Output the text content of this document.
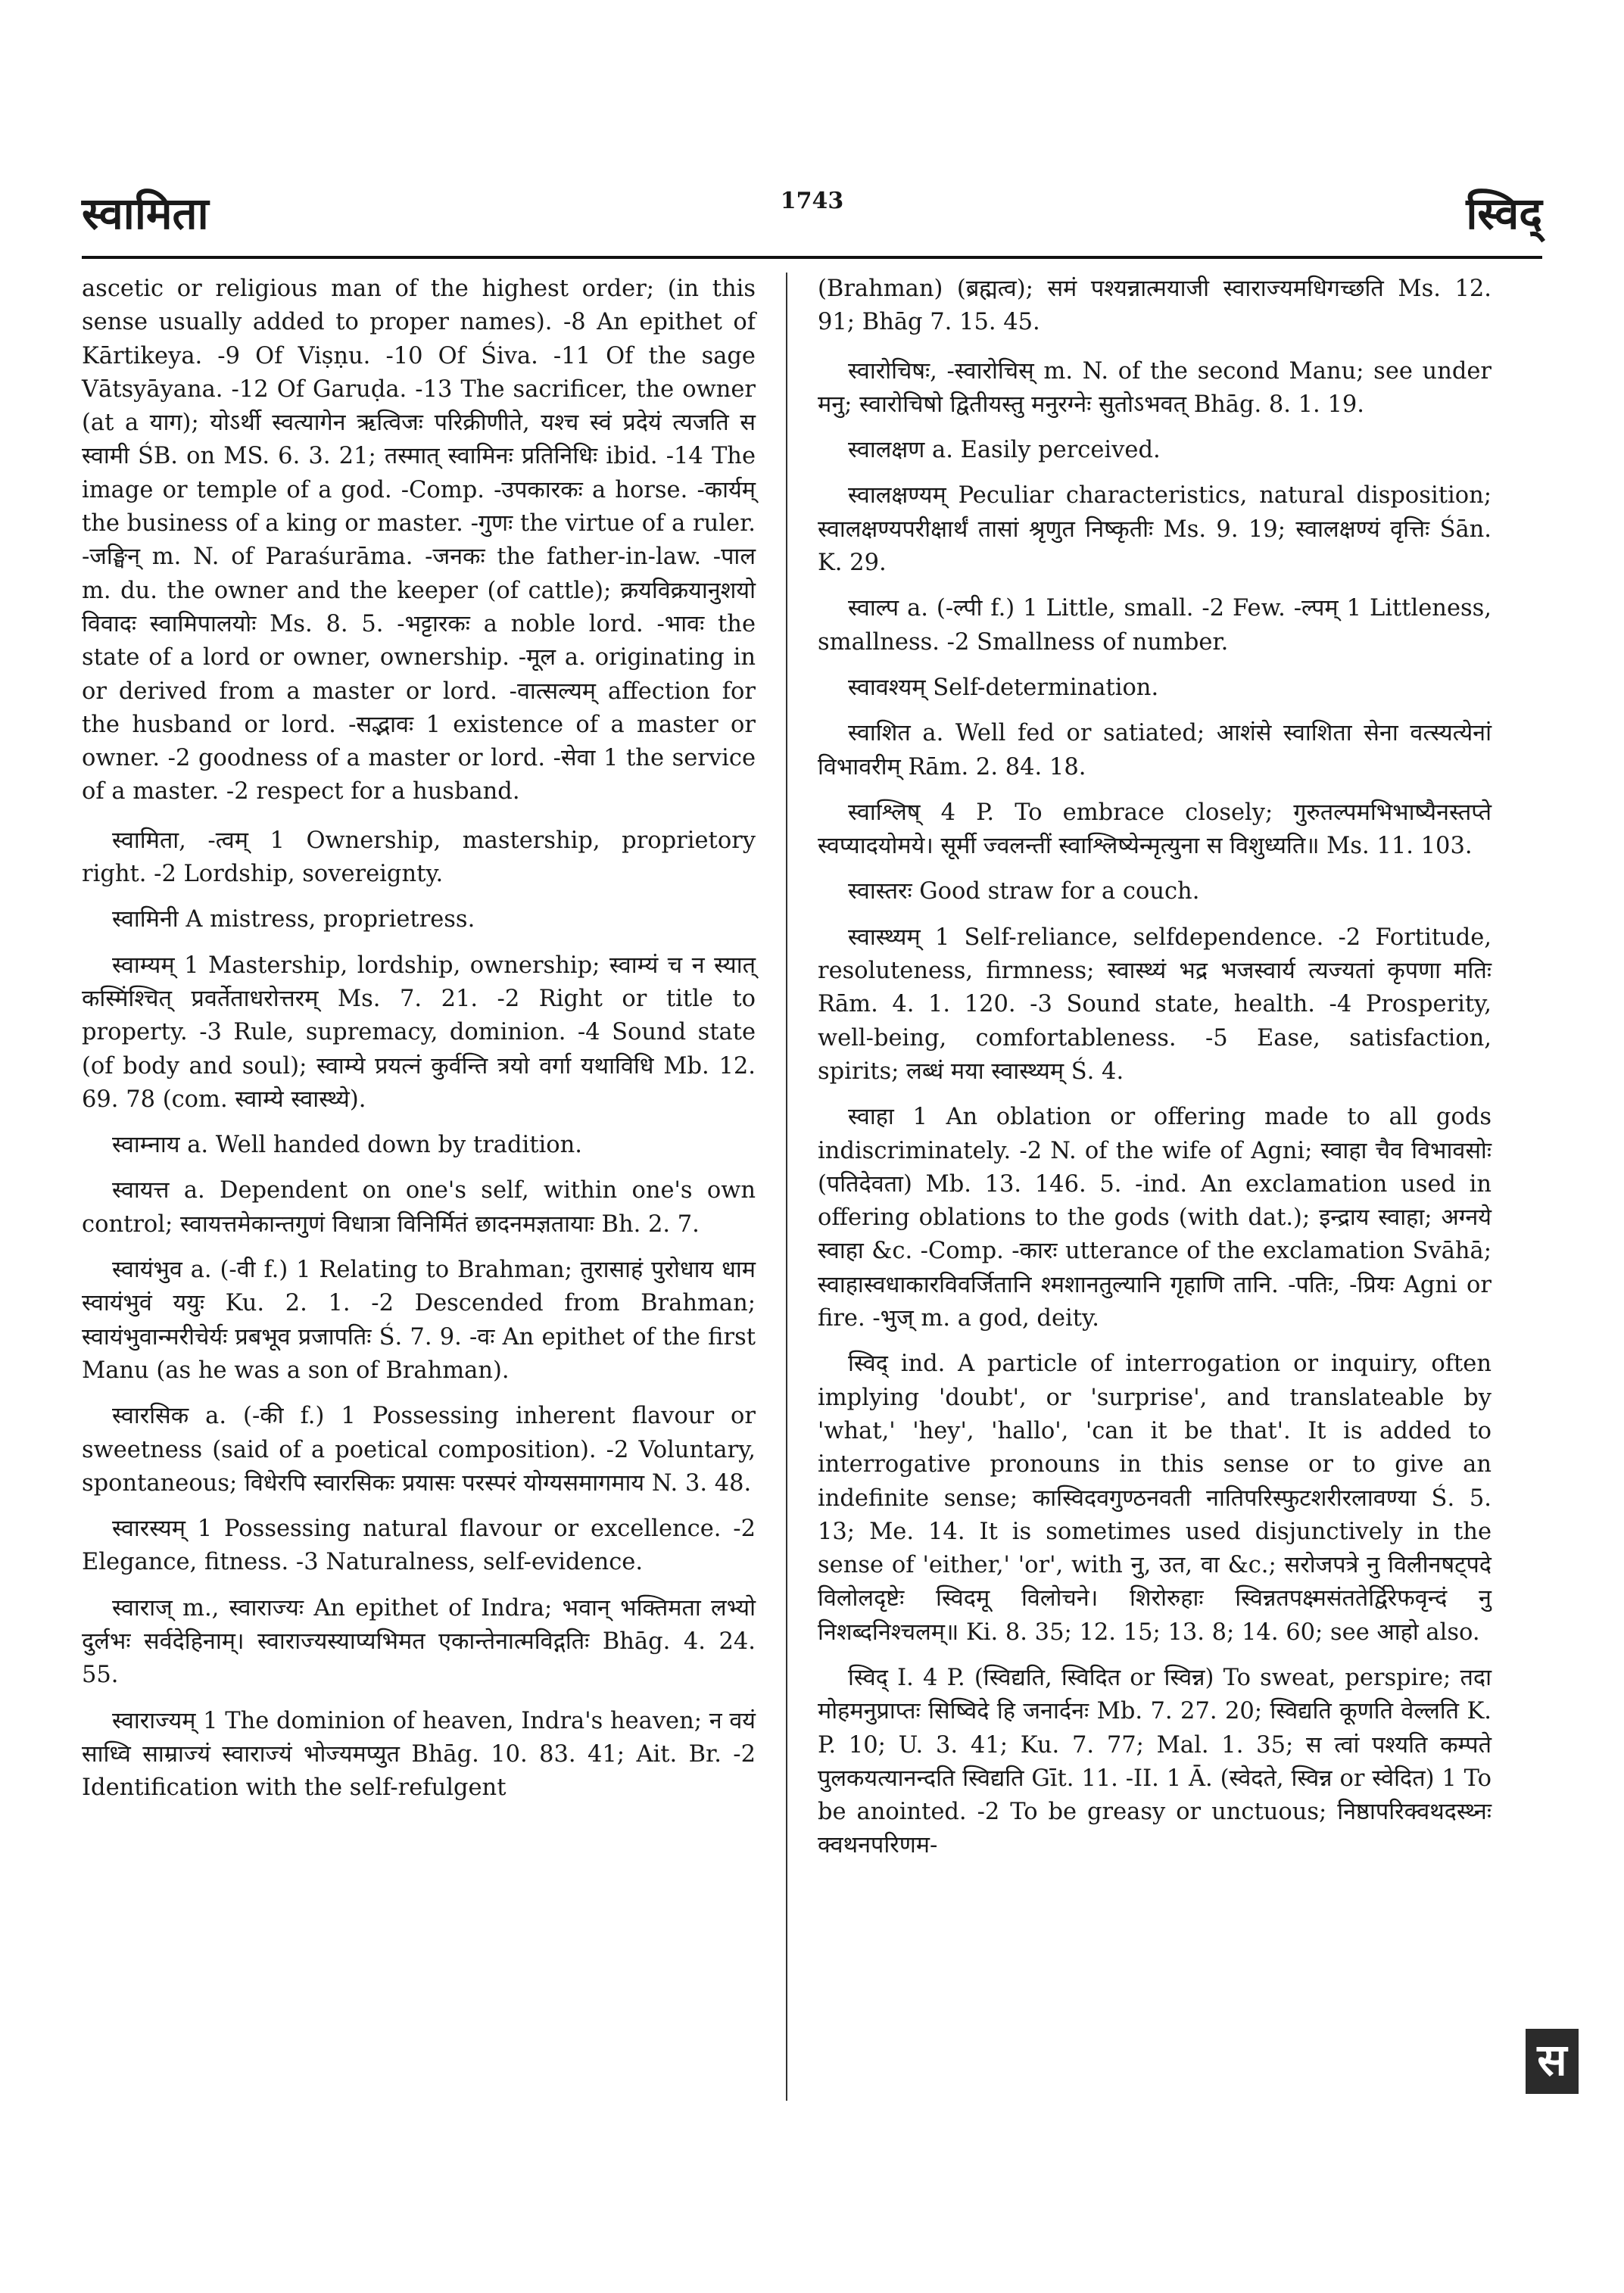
स्वामिता	1743	स्विद्

ascetic or religious man of the highest order; (in this sense usually added to proper names). -8 An epithet of Kārtikeya. -9 Of Viṣṇu. -10 Of Śiva. -11 Of the sage Vātsyāyana. -12 Of Garuḍa. -13 The sacrificer, the owner (at a याग); योऽर्थी स्वत्यागेन ऋत्विजः परिक्रीणीते, यश्च स्वं प्रदेयं त्यजति स स्वामी ŚB. on MS. 6. 3. 21; तस्मात् स्वामिनः प्रतिनिधिः ibid. -14 The image or temple of a god. -Comp. -उपकारकः a horse. -कार्यम् the business of a king or master. -गुणः the virtue of a ruler. -जङ्घिन् m. N. of Paraśurāma. -जनकः the father-in-law. -पाल m. du. the owner and the keeper (of cattle); क्रयविक्रयानुशयो विवादः स्वामिपालयोः Ms. 8. 5. -भट्टारकः a noble lord. -भावः the state of a lord or owner, ownership. -मूल a. originating in or derived from a master or lord. -वात्सल्यम् affection for the husband or lord. -सद्भावः 1 existence of a master or owner. -2 goodness of a master or lord. -सेवा 1 the service of a master. -2 respect for a husband.

स्वामिता, -त्वम् 1 Ownership, mastership, proprietory right. -2 Lordship, sovereignty.

स्वामिनी A mistress, proprietress.

स्वाम्यम् 1 Mastership, lordship, ownership; स्वाम्यं च न स्यात् कस्मिंश्चित् प्रवर्तेताधरोत्तरम् Ms. 7. 21. -2 Right or title to property. -3 Rule, supremacy, dominion. -4 Sound state (of body and soul); स्वाम्ये प्रयत्नं कुर्वन्ति त्रयो वर्गा यथाविधि Mb. 12. 69. 78 (com. स्वाम्ये स्वास्थ्ये).

स्वाम्नाय a. Well handed down by tradition.

स्वायत्त a. Dependent on one's self, within one's own control; स्वायत्तमेकान्तगुणं विधात्रा विनिर्मितं छादनमज्ञतायाः Bh. 2. 7.

स्वायंभुव a. (-वी f.) 1 Relating to Brahman; तुरासाहं पुरोधाय धाम स्वायंभुवं ययुः Ku. 2. 1. -2 Descended from Brahman; स्वायंभुवान्मरीचेर्यः प्रबभूव प्रजापतिः Ś. 7. 9. -वः An epithet of the first Manu (as he was a son of Brahman).

स्वारसिक a. (-की f.) 1 Possessing inherent flavour or sweetness (said of a poetical composition). -2 Voluntary, spontaneous; विधेरपि स्वारसिकः प्रयासः परस्परं योग्यसमागमाय N. 3. 48.

स्वारस्यम् 1 Possessing natural flavour or excellence. -2 Elegance, fitness. -3 Naturalness, self-evidence.

स्वाराज् m., स्वाराज्यः An epithet of Indra; भवान् भक्तिमता लभ्यो दुर्लभः सर्वदेहिनाम्। स्वाराज्यस्याप्यभिमत एकान्तेनात्मविद्गतिः Bhāg. 4. 24. 55.

स्वाराज्यम् 1 The dominion of heaven, Indra's heaven; न वयं साध्वि साम्राज्यं स्वाराज्यं भोज्यमप्युत Bhāg. 10. 83. 41; Ait. Br. -2 Identification with the self-refulgent

(Brahman) (ब्रह्मत्व); समं पश्यन्नात्मयाजी स्वाराज्यमधिगच्छति Ms. 12. 91; Bhāg 7. 15. 45.

स्वारोचिषः, -स्वारोचिस् m. N. of the second Manu; see under मनु; स्वारोचिषो द्वितीयस्तु मनुरग्नेः सुतोऽभवत् Bhāg. 8. 1. 19.

स्वालक्षण a. Easily perceived.

स्वालक्षण्यम् Peculiar characteristics, natural disposition; स्वालक्षण्यपरीक्षार्थं तासां श्रृणुत निष्कृतीः Ms. 9. 19; स्वालक्षण्यं वृत्तिः Śān. K. 29.

स्वाल्प a. (-ल्पी f.) 1 Little, small. -2 Few. -ल्पम् 1 Littleness, smallness. -2 Smallness of number.

स्वावश्यम् Self-determination.

स्वाशित a. Well fed or satiated; आशंसे स्वाशिता सेना वत्स्यत्येनां विभावरीम् Rām. 2. 84. 18.

स्वाश्लिष् 4 P. To embrace closely; गुरुतल्पमभिभाष्यैनस्तप्ते स्वप्यादयोमये। सूर्मी ज्वलन्तीं स्वाश्लिष्येन्मृत्युना स विशुध्यति॥ Ms. 11. 103.

स्वास्तरः Good straw for a couch.

स्वास्थ्यम् 1 Self-reliance, selfdependence. -2 Fortitude, resoluteness, firmness; स्वास्थ्यं भद्र भजस्वार्य त्यज्यतां कृपणा मतिः Rām. 4. 1. 120. -3 Sound state, health. -4 Prosperity, well-being, comfortableness. -5 Ease, satisfaction, spirits; लब्धं मया स्वास्थ्यम् Ś. 4.

स्वाहा 1 An oblation or offering made to all gods indiscriminately. -2 N. of the wife of Agni; स्वाहा चैव विभावसोः (पतिदेवता) Mb. 13. 146. 5. -ind. An exclamation used in offering oblations to the gods (with dat.); इन्द्राय स्वाहा; अग्नये स्वाहा &c. -Comp. -कारः utterance of the exclamation Svāhā; स्वाहास्वधाकारविवर्जितानि श्मशानतुल्यानि गृहाणि तानि. -पतिः, -प्रियः Agni or fire. -भुज् m. a god, deity.

स्विद् ind. A particle of interrogation or inquiry, often implying 'doubt', or 'surprise', and translateable by 'what,' 'hey', 'hallo', 'can it be that'. It is added to interrogative pronouns in this sense or to give an indefinite sense; कास्विदवगुण्ठनवती नातिपरिस्फुटशरीरलावण्या Ś. 5. 13; Me. 14. It is sometimes used disjunctively in the sense of 'either,' 'or', with नु, उत, वा &c.; सरोजपत्रे नु विलीनषट्पदे विलोलदृष्टेः स्विदमू विलोचने। शिरोरुहाः स्विन्नतपक्ष्मसंततेर्द्विरेफवृन्दं नु निशब्दनिश्चलम्॥ Ki. 8. 35; 12. 15; 13. 8; 14. 60; see आहो also.

स्विद् I. 4 P. (स्विद्यति, स्विदित or स्विन्न) To sweat, perspire; तदा मोहमनुप्राप्तः सिष्विदे हि जनार्दनः Mb. 7. 27. 20; स्विद्यति कूणति वेल्लति K. P. 10; U. 3. 41; Ku. 7. 77; Mal. 1. 35; स त्वां पश्यति कम्पते पुलकयत्यानन्दति स्विद्यति Gīt. 11. -II. 1 Ā. (स्वेदते, स्विन्न or स्वेदित) 1 To be anointed. -2 To be greasy or unctuous; निष्ठापरिक्वथदस्थ्नः क्वथनपरिणम-

स
